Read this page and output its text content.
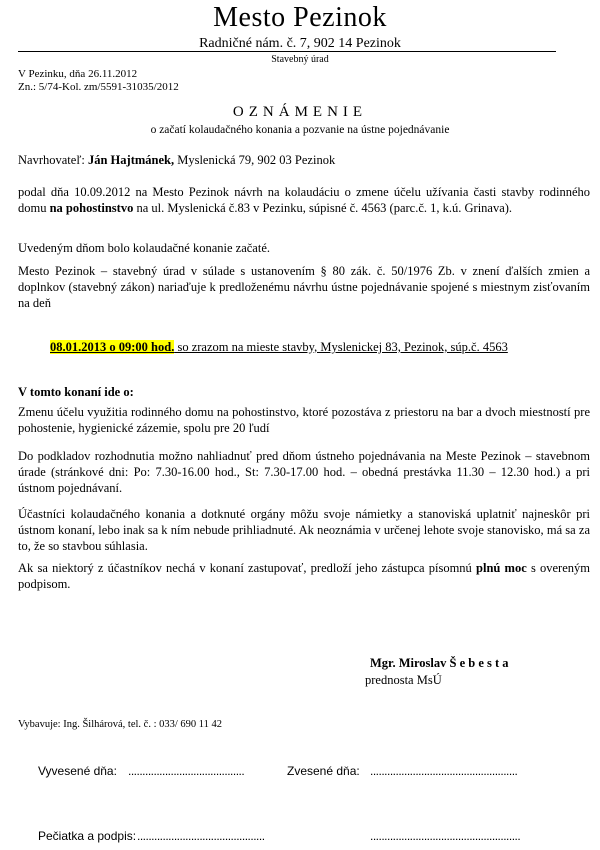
Mesto Pezinok
Radničné nám. č. 7, 902 14 Pezinok
Stavebný úrad
V Pezinku, dňa 26.11.2012
Zn.: 5/74-Kol. zm/5591-31035/2012
OZNÁMENIE
o začatí kolaudačného konania a pozvanie na ústne pojednávanie
Navrhovateľ: Ján Hajtmánek, Myslenická 79, 902 03 Pezinok
podal dňa 10.09.2012 na Mesto Pezinok návrh na kolaudáciu o zmene účelu užívania časti stavby rodinného domu na pohostinstvo na ul. Myslenická č.83 v Pezinku, súpisné č. 4563 (parc.č. 1, k.ú. Grinava).
Uvedeným dňom bolo kolaudačné konanie začaté.
Mesto Pezinok – stavebný úrad v súlade s ustanovením § 80 zák. č. 50/1976 Zb. v znení ďalších zmien a doplnkov (stavebný zákon) nariaďuje k predloženému návrhu ústne pojednávanie spojené s miestnym zisťovaním na deň
08.01.2013 o 09:00 hod. so zrazom na mieste stavby, Myslenickej 83, Pezinok, súp.č. 4563
V tomto konaní ide o:
Zmenu účelu využitia rodinného domu na pohostinstvo, ktoré pozostáva z priestoru na bar a dvoch miestností pre pohostenie, hygienické zázemie, spolu pre 20 ľudí
Do podkladov rozhodnutia možno nahliadnuť pred dňom ústneho pojednávania na Meste Pezinok – stavebnom úrade (stránkové dni: Po: 7.30-16.00 hod., St: 7.30-17.00 hod. – obedná prestávka 11.30 – 12.30 hod.) a pri ústnom pojednávaní.
Účastníci kolaudačného konania a dotknuté orgány môžu svoje námietky a stanoviská uplatniť najneskôr pri ústnom konaní, lebo inak sa k ním nebude prihliadnuté. Ak neoznámia v určenej lehote svoje stanovisko, má sa za to, že so stavbou súhlasia.
Ak sa niektorý z účastníkov nechá v konaní zastupovať, predloží jeho zástupca písomnú plnú moc s overeným podpisom.
Mgr. Miroslav Š e b e s t a
prednosta MsÚ
Vybavuje: Ing. Šilhárová, tel. č. : 033/ 690 11 42
Vyvesené dňa: .........................................	Zvesené dňa: ....................................................
Pečiatka a podpis: .............................................	.....................................................
